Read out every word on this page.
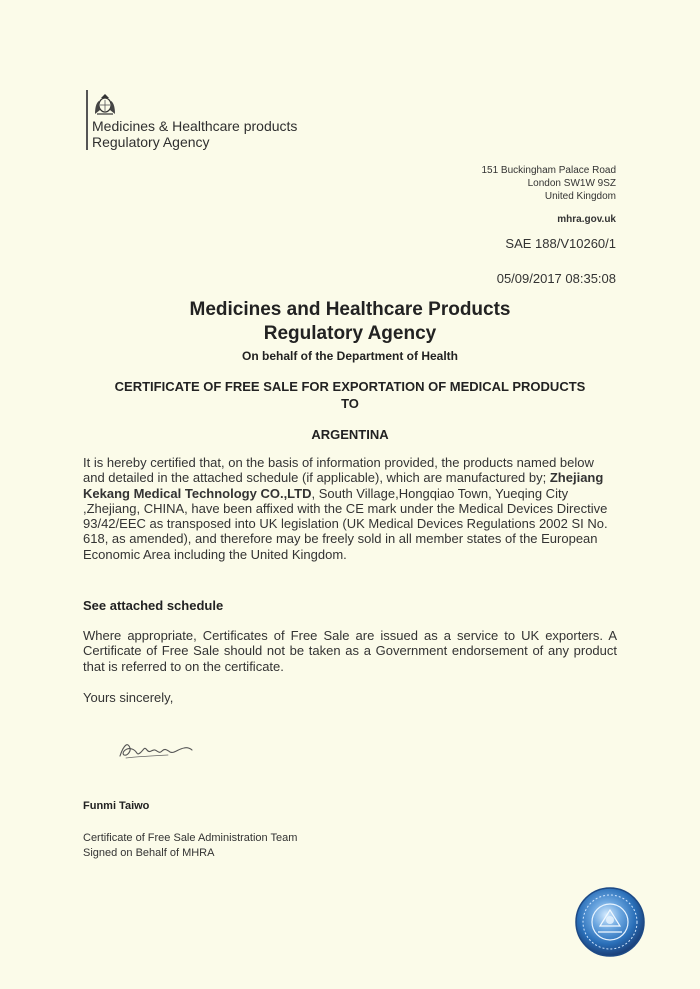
Medicines & Healthcare products
Regulatory Agency
151 Buckingham Palace Road
London SW1W 9SZ
United Kingdom
mhra.gov.uk
SAE 188/V10260/1
05/09/2017 08:35:08
Medicines and Healthcare Products
Regulatory Agency
On behalf of the Department of Health
CERTIFICATE OF FREE SALE FOR EXPORTATION OF MEDICAL PRODUCTS
TO
ARGENTINA
It is hereby certified that, on the basis of information provided, the products named below and detailed in the attached schedule (if applicable), which are manufactured by; Zhejiang Kekang Medical Technology CO.,LTD, South Village,Hongqiao Town, Yueqing City ,Zhejiang, CHINA, have been affixed with the CE mark under the Medical Devices Directive 93/42/EEC as transposed into UK legislation (UK Medical Devices Regulations 2002 SI No. 618, as amended), and therefore may be freely sold in all member states of the European Economic Area including the United Kingdom.
See attached schedule
Where appropriate, Certificates of Free Sale are issued as a service to UK exporters. A Certificate of Free Sale should not be taken as a Government endorsement of any product that is referred to on the certificate.
Yours sincerely,
Funmi Taiwo
Certificate of Free Sale Administration Team
Signed on Behalf of MHRA
